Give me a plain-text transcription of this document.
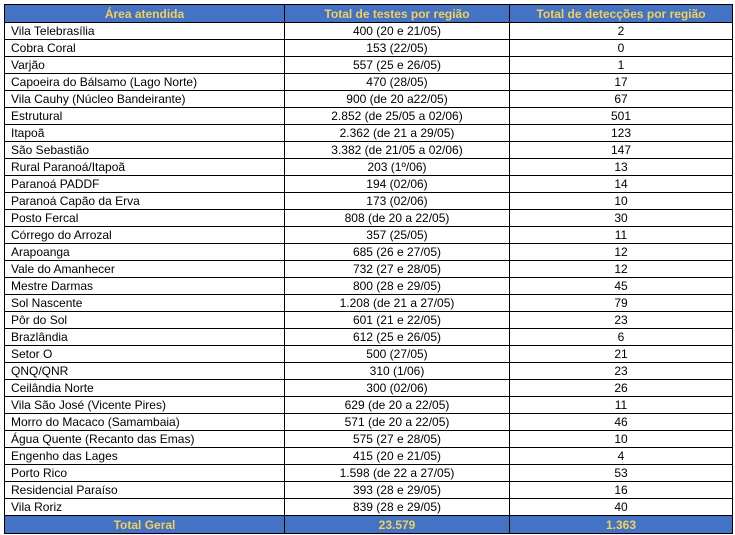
Área atendida	Total de testes por região	Total de detecções por região
Vila Telebrasília	400 (20 e 21/05)	2
Cobra Coral	153 (22/05)	0
Varjão	557 (25 e 26/05)	1
Capoeira do Bálsamo (Lago Norte)	470 (28/05)	17
Vila Cauhy (Núcleo Bandeirante)	900 (de 20 a22/05)	67
Estrutural	2.852 (de 25/05 a 02/06)	501
Itapoã	2.362 (de 21 a 29/05)	123
São Sebastião	3.382 (de 21/05 a 02/06)	147
Rural Paranoá/Itapoã	203 (1º/06)	13
Paranoá PADDF	194 (02/06)	14
Paranoá Capão da Erva	173 (02/06)	10
Posto Fercal	808 (de 20 a 22/05)	30
Córrego do Arrozal	357 (25/05)	11
Arapoanga	685 (26 e 27/05)	12
Vale do Amanhecer	732 (27 e 28/05)	12
Mestre Darmas	800 (28 e 29/05)	45
Sol Nascente	1.208 (de 21 a 27/05)	79
Pôr do Sol	601 (21 e 22/05)	23
Brazlândia	612 (25 e 26/05)	6
Setor O	500 (27/05)	21
QNQ/QNR	310 (1/06)	23
Ceilândia Norte	300 (02/06)	26
Vila São José (Vicente Pires)	629 (de 20 a 22/05)	11
Morro do Macaco (Samambaia)	571 (de 20 a 22/05)	46
Água Quente (Recanto das Emas)	575 (27 e 28/05)	10
Engenho das Lages	415 (20 e 21/05)	4
Porto Rico	1.598 (de 22 a 27/05)	53
Residencial Paraíso	393 (28 e 29/05)	16
Vila Roriz	839 (28 e 29/05)	40
Total Geral	23.579	1.363
